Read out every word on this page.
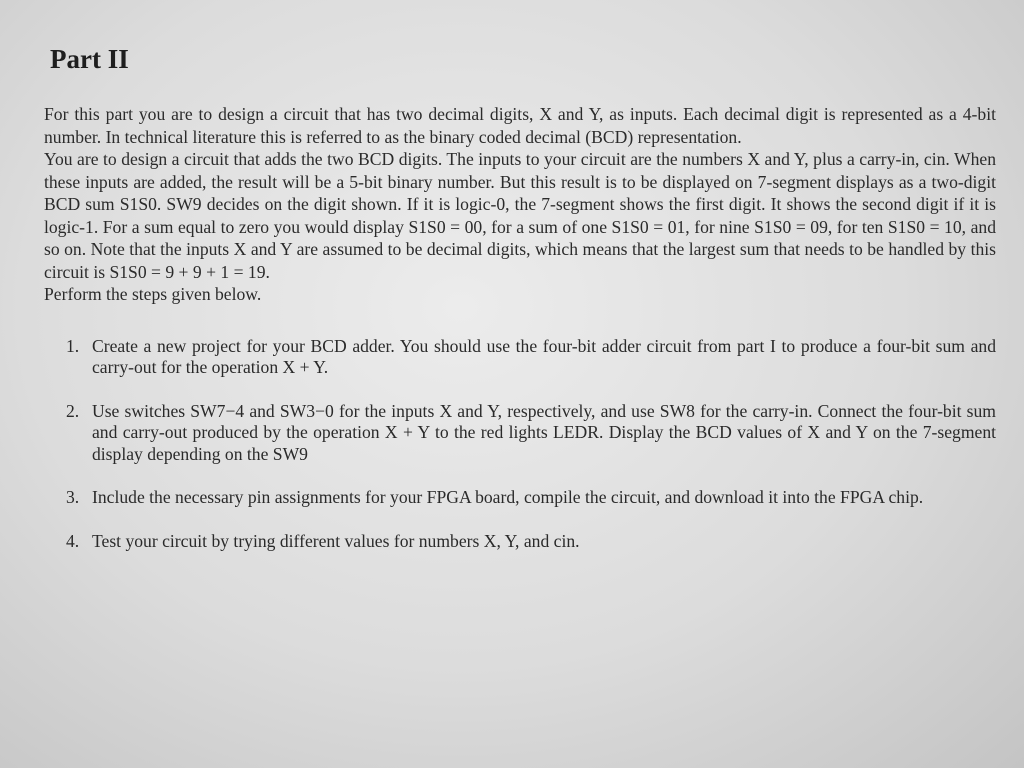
Part II

For this part you are to design a circuit that has two decimal digits, X and Y, as inputs. Each decimal digit is represented as a 4-bit number. In technical literature this is referred to as the binary coded decimal (BCD) representation.

You are to design a circuit that adds the two BCD digits. The inputs to your circuit are the numbers X and Y, plus a carry-in, cin. When these inputs are added, the result will be a 5-bit binary number. But this result is to be displayed on 7-segment displays as a two-digit BCD sum S1S0. SW9 decides on the digit shown. If it is logic-0, the 7-segment shows the first digit. It shows the second digit if it is logic-1. For a sum equal to zero you would display S1S0 = 00, for a sum of one S1S0 = 01, for nine S1S0 = 09, for ten S1S0 = 10, and so on. Note that the inputs X and Y are assumed to be decimal digits, which means that the largest sum that needs to be handled by this circuit is S1S0 = 9 + 9 + 1 = 19.

Perform the steps given below.

1. Create a new project for your BCD adder. You should use the four-bit adder circuit from part I to produce a four-bit sum and carry-out for the operation X + Y.
2. Use switches SW7−4 and SW3−0 for the inputs X and Y, respectively, and use SW8 for the carry-in. Connect the four-bit sum and carry-out produced by the operation X + Y to the red lights LEDR. Display the BCD values of X and Y on the 7-segment display depending on the SW9
3. Include the necessary pin assignments for your FPGA board, compile the circuit, and download it into the FPGA chip.
4. Test your circuit by trying different values for numbers X, Y, and cin.
